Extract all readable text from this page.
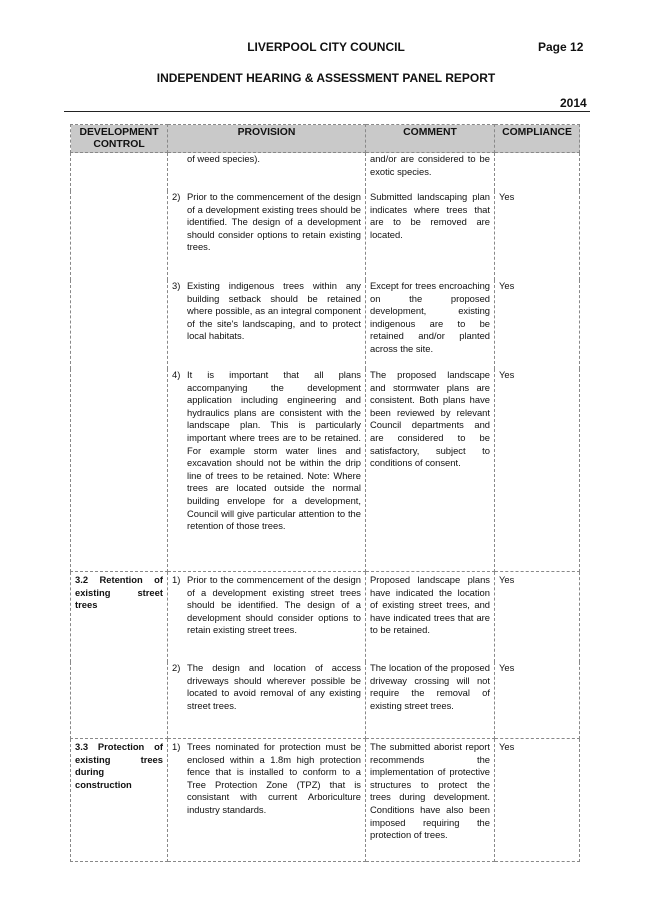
LIVERPOOL CITY COUNCIL	Page 12
INDEPENDENT HEARING & ASSESSMENT PANEL REPORT
2014
DEVELOPMENT CONTROL	PROVISION	COMMENT	COMPLIANCE

	of weed species).	and/or are considered to be exotic species.	

	2) Prior to the commencement of the design of a development existing trees should be identified. The design of a development should consider options to retain existing trees.	Submitted landscaping plan indicates where trees that are to be removed are located.	Yes

	3) Existing indigenous trees within any building setback should be retained where possible, as an integral component of the site's landscaping, and to protect local habitats.	Except for trees encroaching on the proposed development, existing indigenous are to be retained and/or planted across the site.	Yes

	4) It is important that all plans accompanying the development application including engineering and hydraulics plans are consistent with the landscape plan. This is particularly important where trees are to be retained. For example storm water lines and excavation should not be within the drip line of trees to be retained. Note: Where trees are located outside the normal building envelope for a development, Council will give particular attention to the retention of those trees.	The proposed landscape and stormwater plans are consistent. Both plans have been reviewed by relevant Council departments and are considered to be satisfactory, subject to conditions of consent.	Yes
3.2 Retention of existing street trees	1) Prior to the commencement of the design of a development existing street trees should be identified. The design of a development should consider options to retain existing street trees.	Proposed landscape plans have indicated the location of existing street trees, and have indicated trees that are to be retained.	Yes

	2) The design and location of access driveways should wherever possible be located to avoid removal of any existing street trees.	The location of the proposed driveway crossing will not require the removal of existing street trees.	Yes
3.3 Protection of existing trees during construction	1) Trees nominated for protection must be enclosed within a 1.8m high protection fence that is installed to conform to a Tree Protection Zone (TPZ) that is consistant with current Arboriculture industry standards.	The submitted aborist report recommends the implementation of protective structures to protect the trees during development. Conditions have also been imposed requiring the protection of trees.	Yes
